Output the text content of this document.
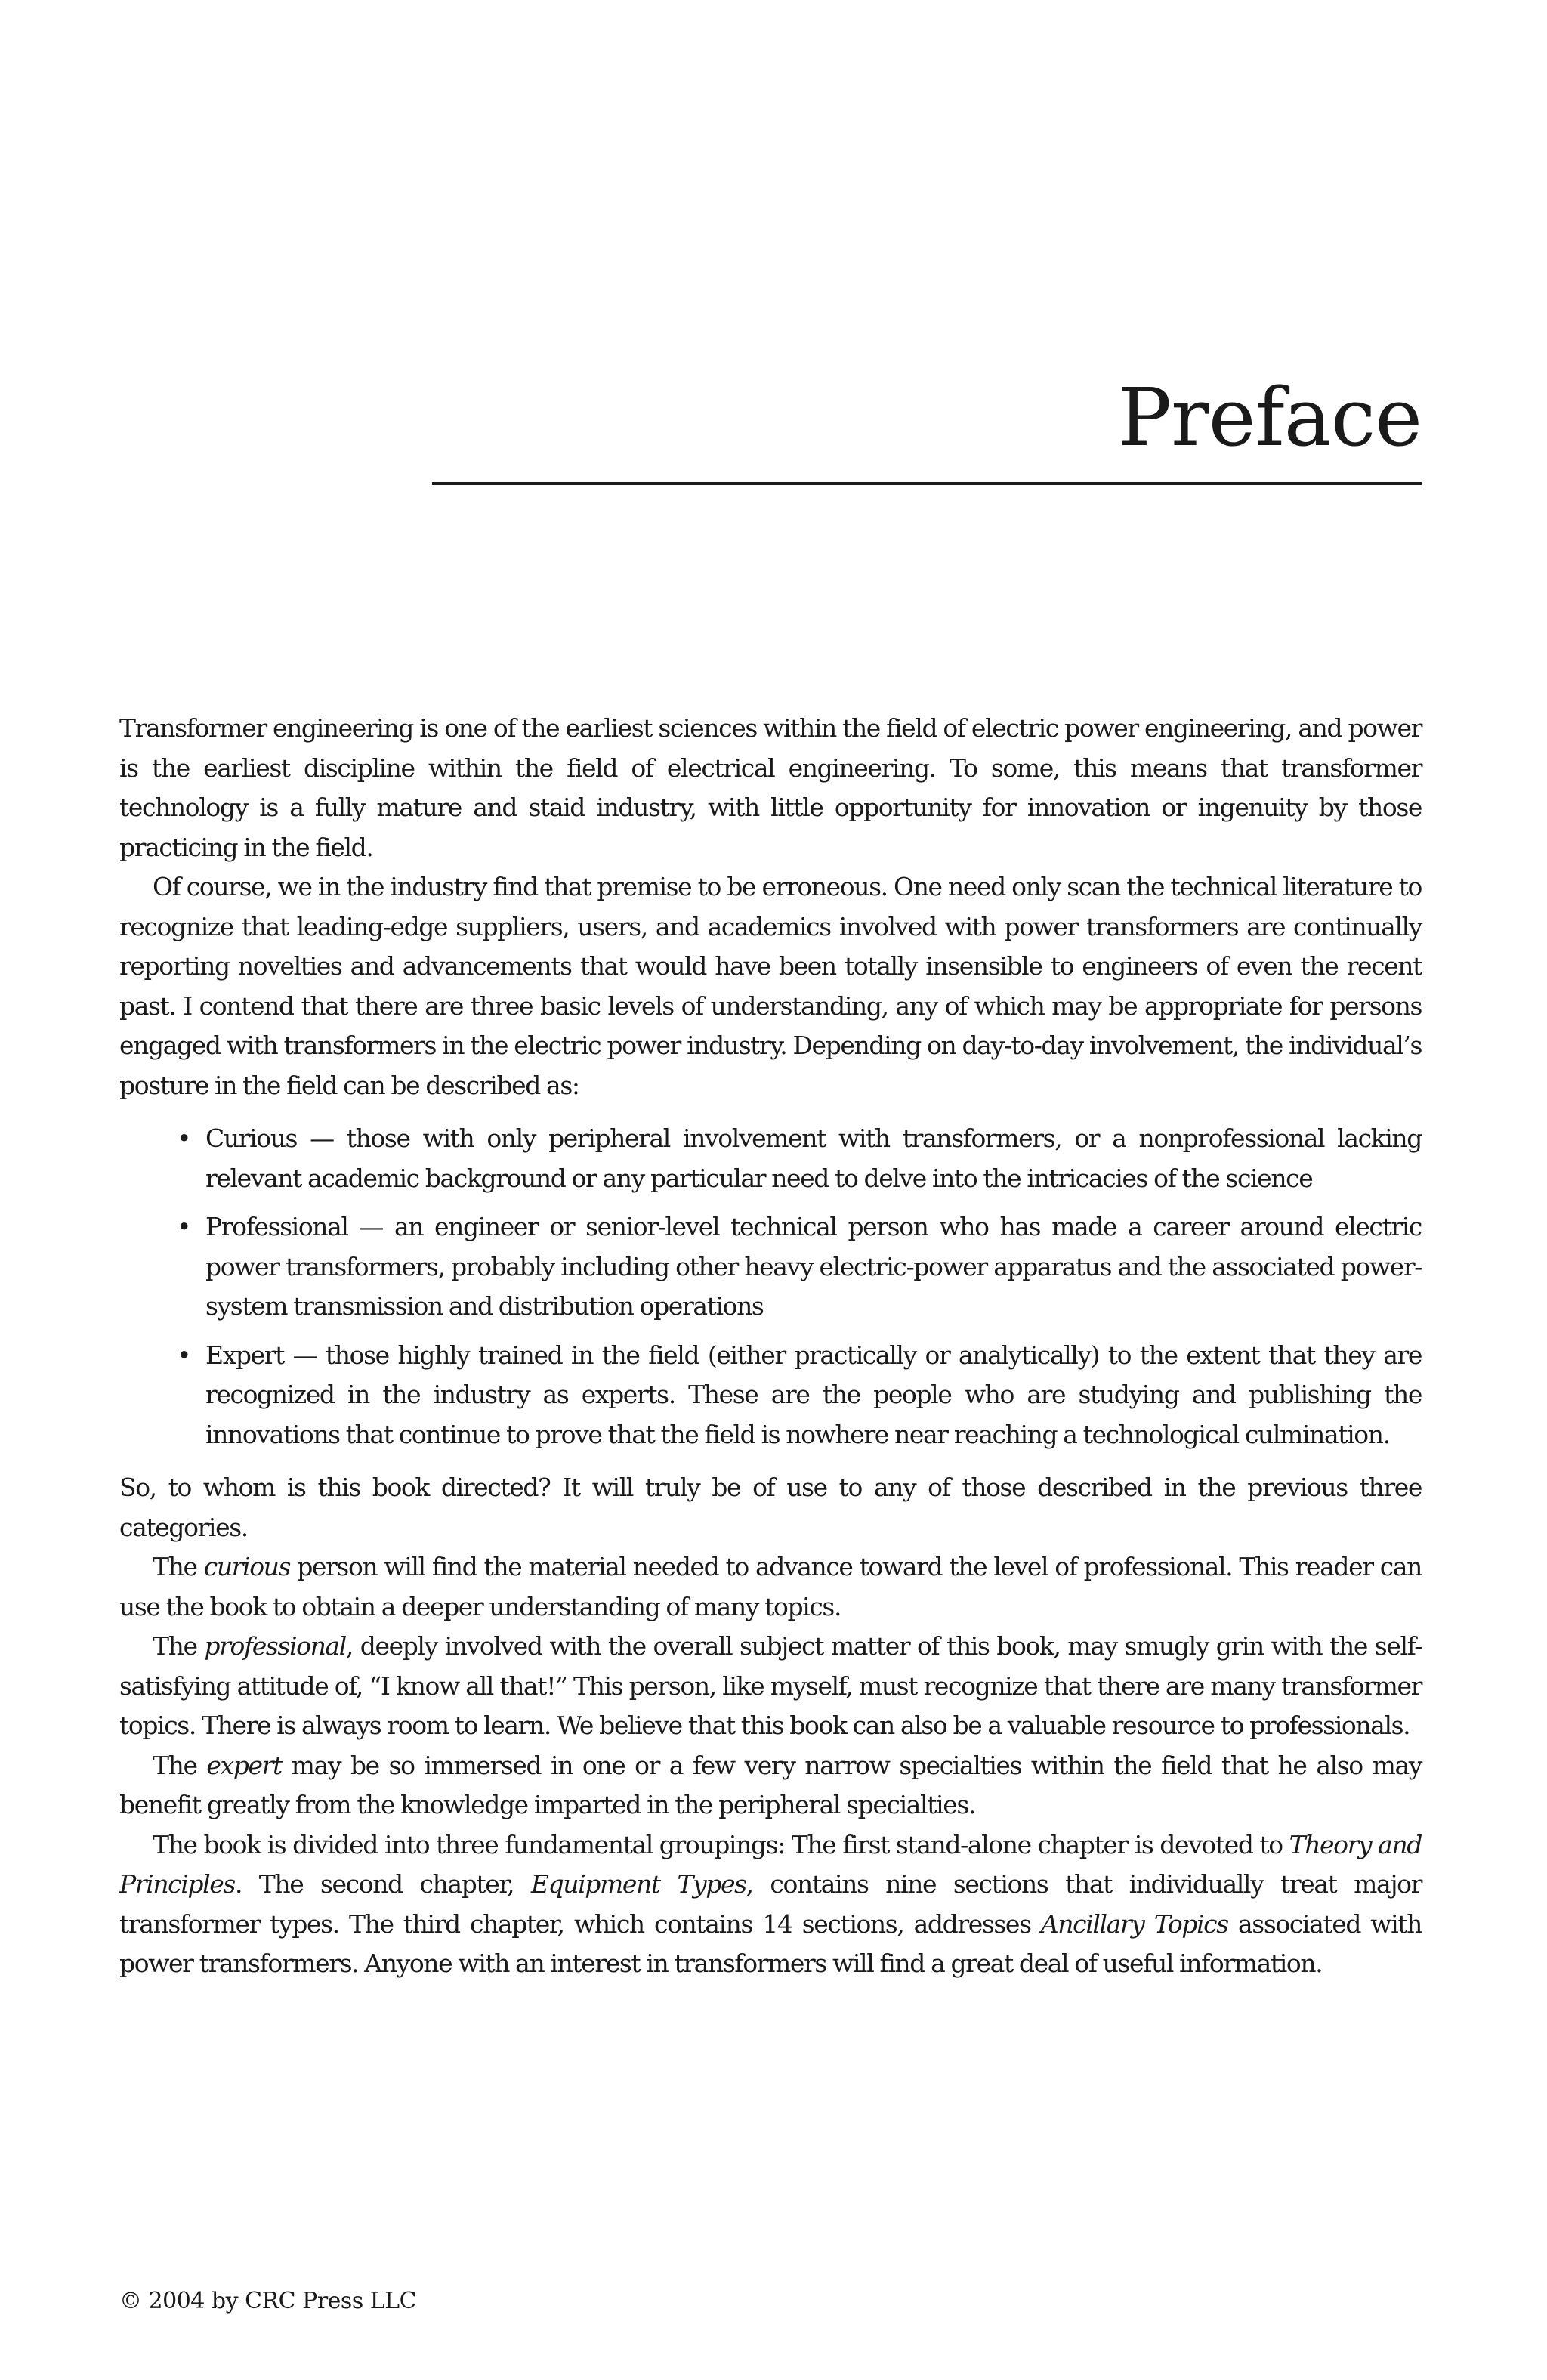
Preface

Transformer engineering is one of the earliest sciences within the field of electric power engineering, and power is the earliest discipline within the field of electrical engineering. To some, this means that transformer technology is a fully mature and staid industry, with little opportunity for innovation or ingenuity by those practicing in the field.

Of course, we in the industry find that premise to be erroneous. One need only scan the technical literature to recognize that leading-edge suppliers, users, and academics involved with power transformers are continually reporting novelties and advancements that would have been totally insensible to engineers of even the recent past. I contend that there are three basic levels of understanding, any of which may be appropriate for persons engaged with transformers in the electric power industry. Depending on day-to-day involvement, the individual’s posture in the field can be described as:

• Curious — those with only peripheral involvement with transformers, or a nonprofessional lacking relevant academic background or any particular need to delve into the intricacies of the science
• Professional — an engineer or senior-level technical person who has made a career around electric power transformers, probably including other heavy electric-power apparatus and the associated power-system transmission and distribution operations
• Expert — those highly trained in the field (either practically or analytically) to the extent that they are recognized in the industry as experts. These are the people who are studying and publishing the innovations that continue to prove that the field is nowhere near reaching a technological culmination.

So, to whom is this book directed? It will truly be of use to any of those described in the previous three categories.

The curious person will find the material needed to advance toward the level of professional. This reader can use the book to obtain a deeper understanding of many topics.

The professional, deeply involved with the overall subject matter of this book, may smugly grin with the self-satisfying attitude of, “I know all that!” This person, like myself, must recognize that there are many transformer topics. There is always room to learn. We believe that this book can also be a valuable resource to professionals.

The expert may be so immersed in one or a few very narrow specialties within the field that he also may benefit greatly from the knowledge imparted in the peripheral specialties.

The book is divided into three fundamental groupings: The first stand-alone chapter is devoted to Theory and Principles. The second chapter, Equipment Types, contains nine sections that individually treat major transformer types. The third chapter, which contains 14 sections, addresses Ancillary Topics associated with power transformers. Anyone with an interest in transformers will find a great deal of useful information.

© 2004 by CRC Press LLC
